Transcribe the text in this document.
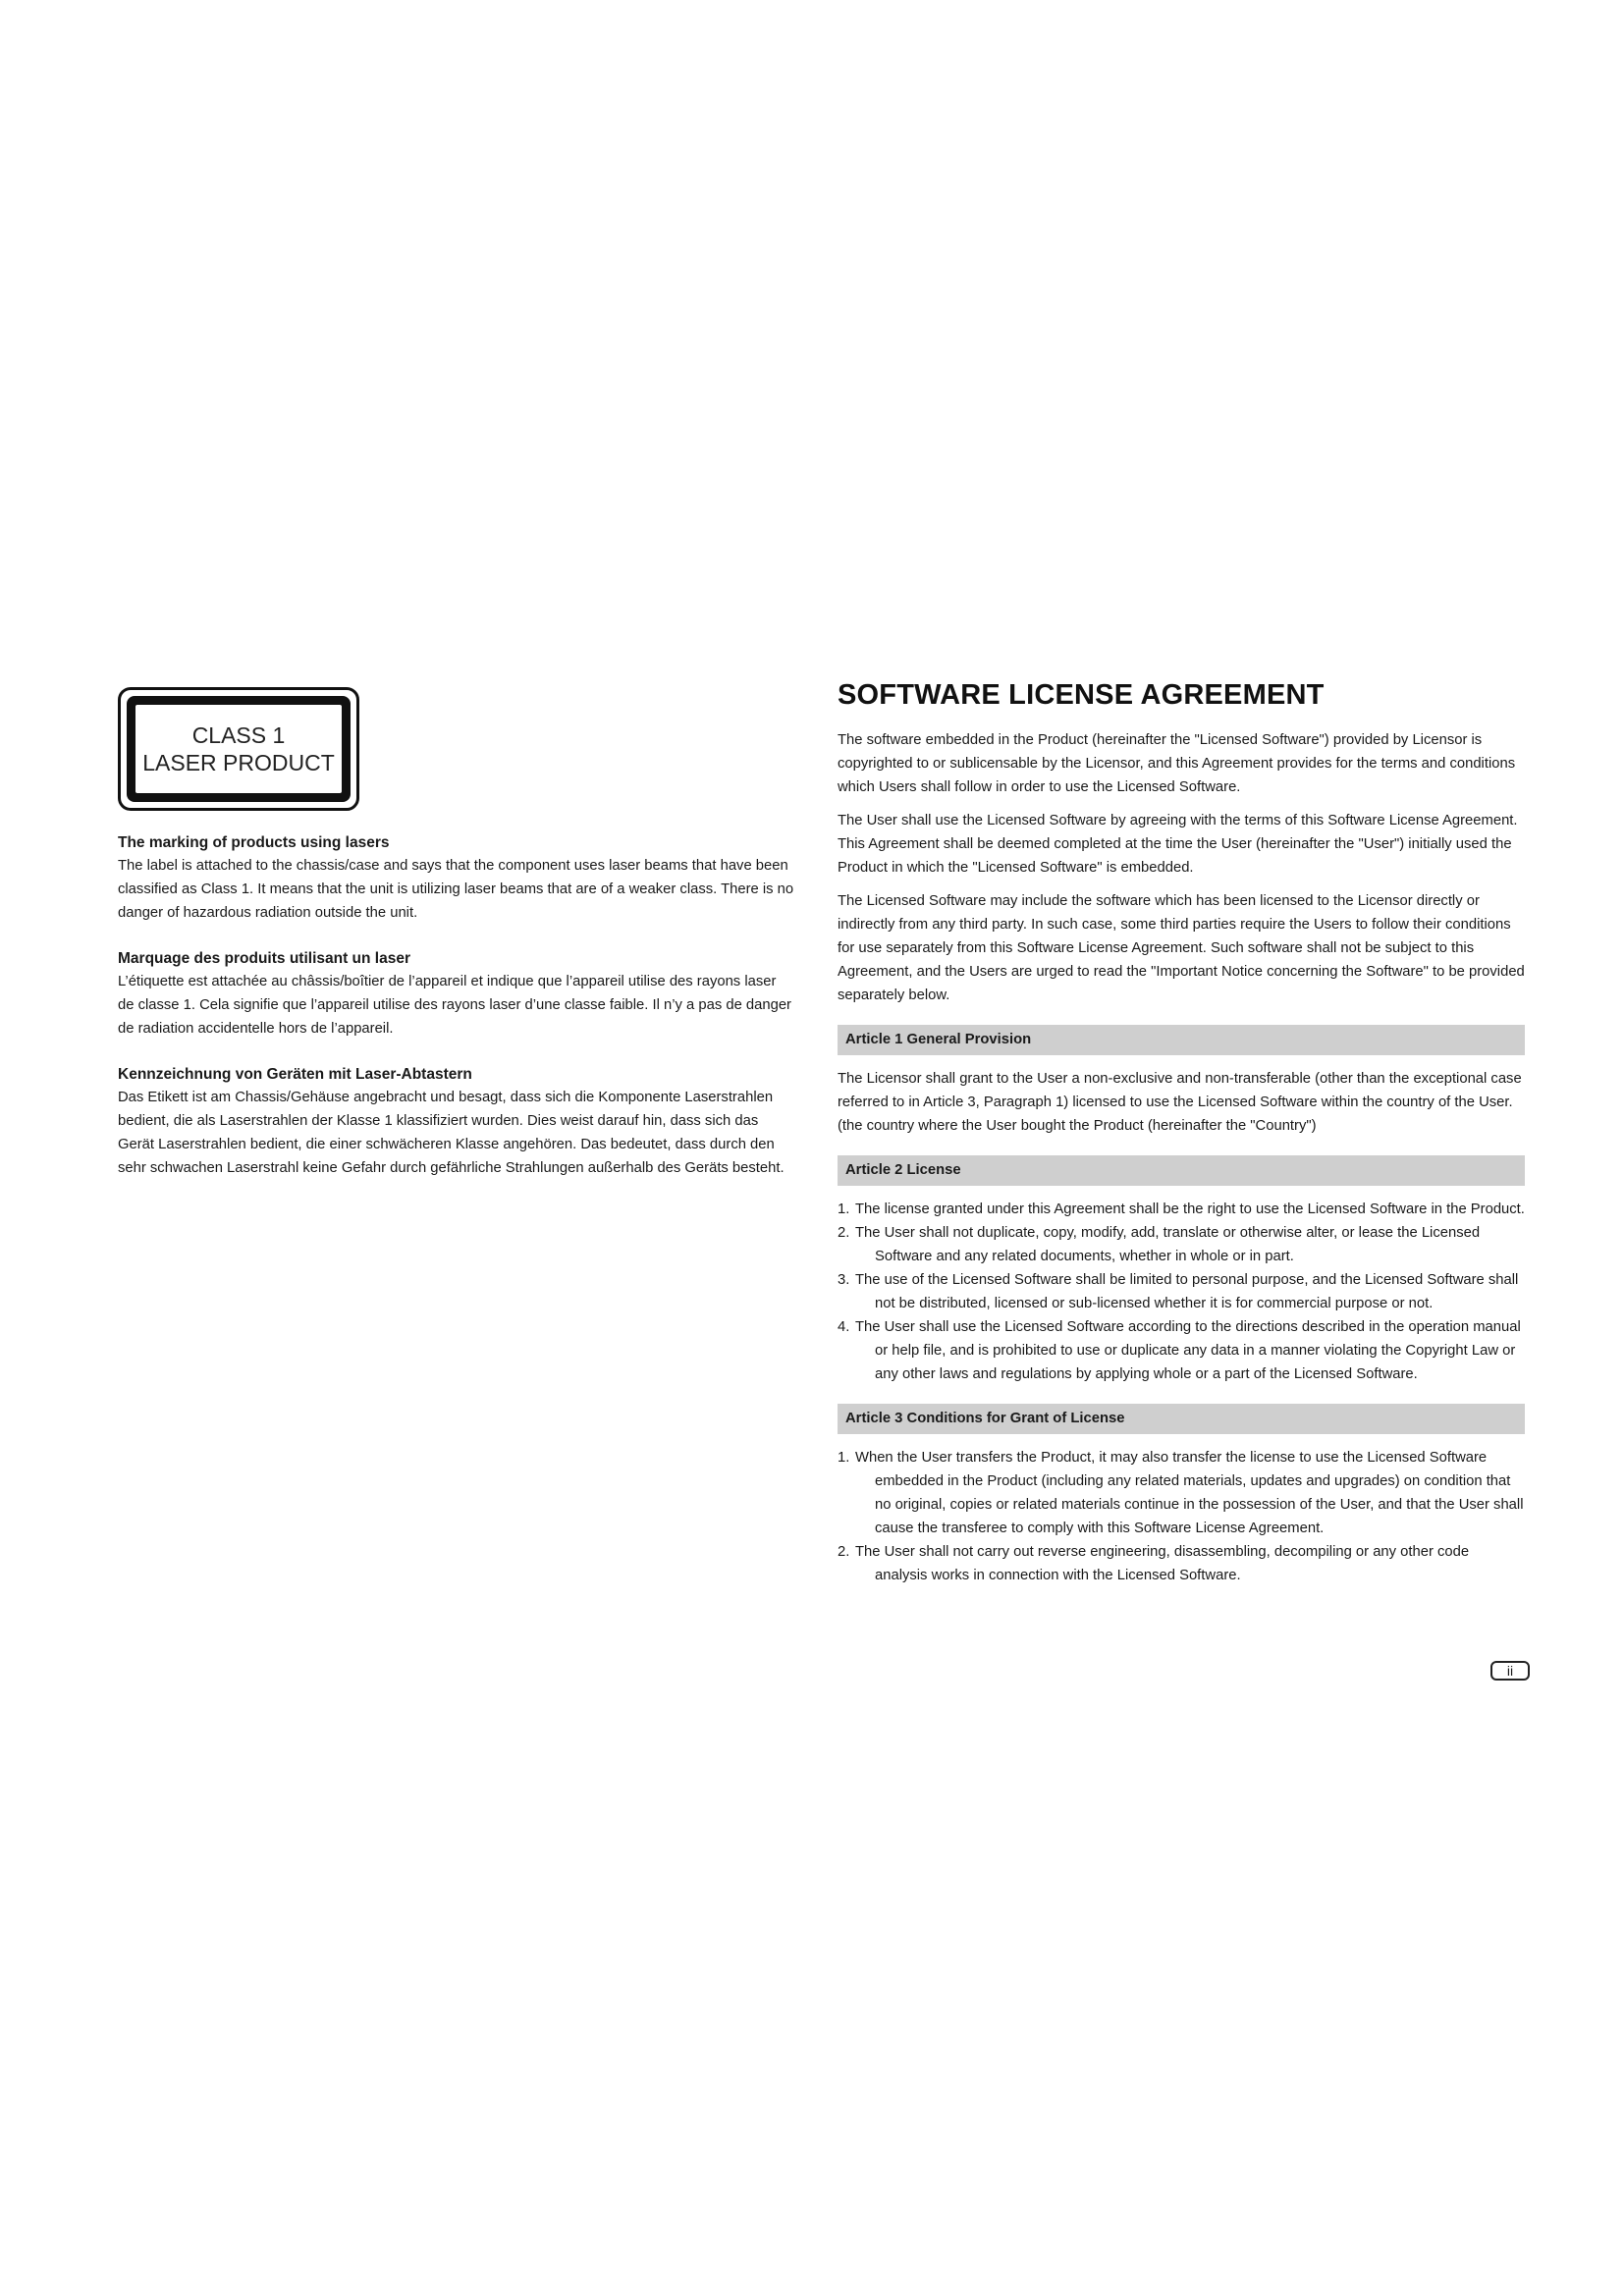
CLASS 1
LASER PRODUCT
The marking of products using lasers

The label is attached to the chassis/case and says that the component uses laser beams that have been classified as Class 1. It means that the unit is utilizing laser beams that are of a weaker class. There is no danger of hazardous radiation outside the unit.

Marquage des produits utilisant un laser

L’étiquette est attachée au châssis/boîtier de l’appareil et indique que l’appareil utilise des rayons laser de classe 1. Cela signifie que l’appareil utilise des rayons laser d’une classe faible. Il n’y a pas de danger de radiation accidentelle hors de l’appareil.

Kennzeichnung von Geräten mit Laser-Abtastern

Das Etikett ist am Chassis/Gehäuse angebracht und besagt, dass sich die Komponente Laserstrahlen bedient, die als Laserstrahlen der Klasse 1 klassifiziert wurden. Dies weist darauf hin, dass sich das Gerät Laserstrahlen bedient, die einer schwächeren Klasse angehören. Das bedeutet, dass durch den sehr schwachen Laserstrahl keine Gefahr durch gefährliche Strahlungen außerhalb des Geräts besteht.

SOFTWARE LICENSE AGREEMENT

The software embedded in the Product (hereinafter the "Licensed Software") provided by Licensor is copyrighted to or sublicensable by the Licensor, and this Agreement provides for the terms and conditions which Users shall follow in order to use the Licensed Software.

The User shall use the Licensed Software by agreeing with the terms of this Software License Agreement. This Agreement shall be deemed completed at the time the User (hereinafter the "User") initially used the Product in which the "Licensed Software" is embedded.

The Licensed Software may include the software which has been licensed to the Licensor directly or indirectly from any third party. In such case, some third parties require the Users to follow their conditions for use separately from this Software License Agreement. Such software shall not be subject to this Agreement, and the Users are urged to read the "Important Notice concerning the Software" to be provided separately below.

Article 1 General Provision

The Licensor shall grant to the User a non-exclusive and non-transferable (other than the exceptional case referred to in Article 3, Paragraph 1) licensed to use the Licensed Software within the country of the User. (the country where the User bought the Product (hereinafter the "Country")

Article 2 License
1. The license granted under this Agreement shall be the right to use the Licensed Software in the Product.
2. The User shall not duplicate, copy, modify, add, translate or otherwise alter, or lease the Licensed Software and any related documents, whether in whole or in part.
3. The use of the Licensed Software shall be limited to personal purpose, and the Licensed Software shall not be distributed, licensed or sub-licensed whether it is for commercial purpose or not.
4. The User shall use the Licensed Software according to the directions described in the operation manual or help file, and is prohibited to use or duplicate any data in a manner violating the Copyright Law or any other laws and regulations by applying whole or a part of the Licensed Software.
Article 3 Conditions for Grant of License
1. When the User transfers the Product, it may also transfer the license to use the Licensed Software embedded in the Product (including any related materials, updates and upgrades) on condition that no original, copies or related materials continue in the possession of the User, and that the User shall cause the transferee to comply with this Software License Agreement.
2. The User shall not carry out reverse engineering, disassembling, decompiling or any other code analysis works in connection with the Licensed Software.
ii
